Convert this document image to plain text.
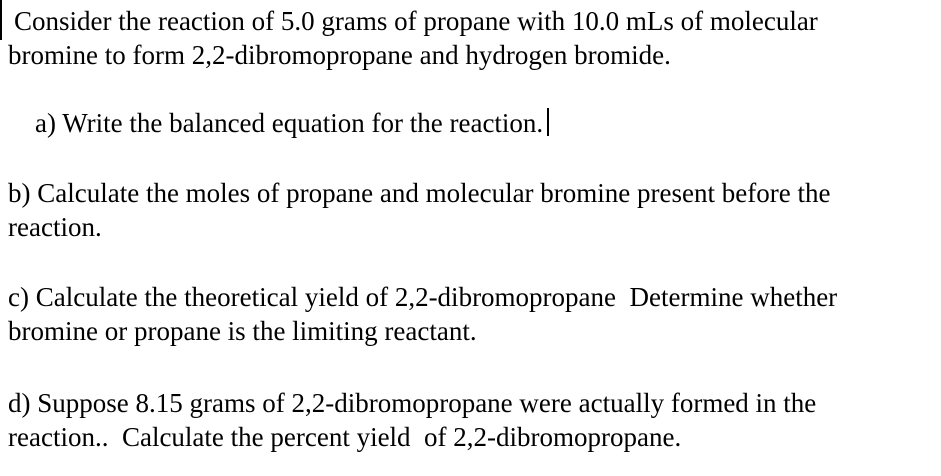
Consider the reaction of 5.0 grams of propane with 10.0 mLs of molecular
bromine to form 2,2-dibromopropane and hydrogen bromide.

a) Write the balanced equation for the reaction.

b) Calculate the moles of propane and molecular bromine present before the
reaction.
c) Calculate the theoretical yield of 2,2-dibromopropane  Determine whether
bromine or propane is the limiting reactant.
d) Suppose 8.15 grams of 2,2-dibromopropane were actually formed in the
reaction..  Calculate the percent yield  of 2,2-dibromopropane.
